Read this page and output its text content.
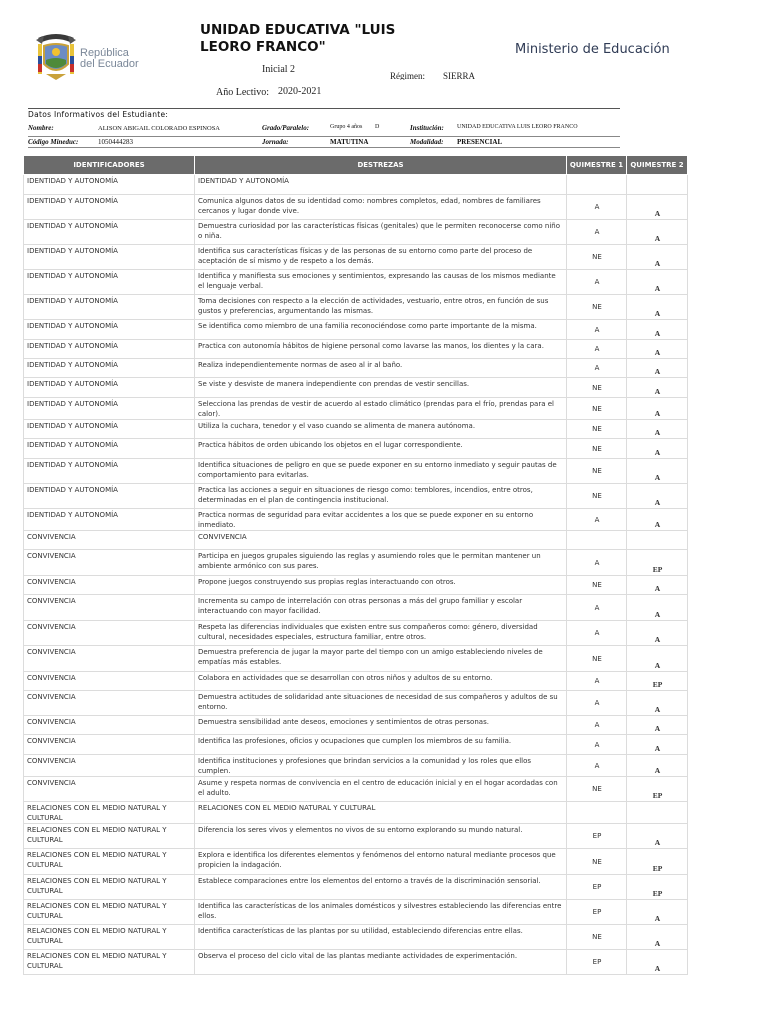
República
del Ecuador
UNIDAD EDUCATIVA "LUIS LEORO FRANCO"	Ministerio de Educación
Inicial 2
Régimen: SIERRA
Año Lectivo: 2020-2021
Datos Informativos del Estudiante:
Nombre:	ALISON ABIGAIL COLORADO ESPINOSA	Grado/Paralelo:	Grupo 4 años D	Institución: UNIDAD EDUCATIVA LUIS LEORO FRANCO
Código Mineduc:	1050444283	Jornada:	MATUTINA	Modalidad: PRESENCIAL
IDENTIFICADORES	DESTREZAS	QUIMESTRE 1	QUIMESTRE 2
IDENTIDAD Y AUTONOMÍA	IDENTIDAD Y AUTONOMÍA		
IDENTIDAD Y AUTONOMÍA	Comunica algunos datos de su identidad como: nombres completos, edad, nombres de familiares cercanos y lugar donde vive.	A	A
IDENTIDAD Y AUTONOMÍA	Demuestra curiosidad por las características físicas (genitales) que le permiten reconocerse como niño o niña.	A	A
IDENTIDAD Y AUTONOMÍA	Identifica sus características físicas y de las personas de su entorno como parte del proceso de aceptación de sí mismo y de respeto a los demás.	NE	A
IDENTIDAD Y AUTONOMÍA	Identifica y manifiesta sus emociones y sentimientos, expresando las causas de los mismos mediante el lenguaje verbal.	A	A
IDENTIDAD Y AUTONOMÍA	Toma decisiones con respecto a la elección de actividades, vestuario, entre otros, en función de sus gustos y preferencias, argumentando las mismas.	NE	A
IDENTIDAD Y AUTONOMÍA	Se identifica como miembro de una familia reconociéndose como parte importante de la misma.	A	A
IDENTIDAD Y AUTONOMÍA	Practica con autonomía hábitos de higiene personal como lavarse las manos, los dientes y la cara.	A	A
IDENTIDAD Y AUTONOMÍA	Realiza independientemente normas de aseo al ir al baño.	A	A
IDENTIDAD Y AUTONOMÍA	Se viste y desviste de manera independiente con prendas de vestir sencillas.	NE	A
IDENTIDAD Y AUTONOMÍA	Selecciona las prendas de vestir de acuerdo al estado climático (prendas para el frío, prendas para el calor).	NE	A
IDENTIDAD Y AUTONOMÍA	Utiliza la cuchara, tenedor y el vaso cuando se alimenta de manera autónoma.	NE	A
IDENTIDAD Y AUTONOMÍA	Practica hábitos de orden ubicando los objetos en el lugar correspondiente.	NE	A
IDENTIDAD Y AUTONOMÍA	Identifica situaciones de peligro en que se puede exponer en su entorno inmediato y seguir pautas de comportamiento para evitarlas.	NE	A
IDENTIDAD Y AUTONOMÍA	Practica las acciones a seguir en situaciones de riesgo como: temblores, incendios, entre otros, determinadas en el plan de contingencia institucional.	NE	A
IDENTIDAD Y AUTONOMÍA	Practica normas de seguridad para evitar accidentes a los que se puede exponer en su entorno inmediato.	A	A
CONVIVENCIA	CONVIVENCIA		
CONVIVENCIA	Participa en juegos grupales siguiendo las reglas y asumiendo roles que le permitan mantener un ambiente armónico con sus pares.	A	EP
CONVIVENCIA	Propone juegos construyendo sus propias reglas interactuando con otros.	NE	A
CONVIVENCIA	Incrementa su campo de interrelación con otras personas a más del grupo familiar y escolar interactuando con mayor facilidad.	A	A
CONVIVENCIA	Respeta las diferencias individuales que existen entre sus compañeros como: género, diversidad cultural, necesidades especiales, estructura familiar, entre otros.	A	A
CONVIVENCIA	Demuestra preferencia de jugar la mayor parte del tiempo con un amigo estableciendo niveles de empatías más estables.	NE	A
CONVIVENCIA	Colabora en actividades que se desarrollan con otros niños y adultos de su entorno.	A	EP
CONVIVENCIA	Demuestra actitudes de solidaridad ante situaciones de necesidad de sus compañeros y adultos de su entorno.	A	A
CONVIVENCIA	Demuestra sensibilidad ante deseos, emociones y sentimientos de otras personas.	A	A
CONVIVENCIA	Identifica las profesiones, oficios y ocupaciones que cumplen los miembros de su familia.	A	A
CONVIVENCIA	Identifica instituciones y profesiones que brindan servicios a la comunidad y los roles que ellos cumplen.	A	A
CONVIVENCIA	Asume y respeta normas de convivencia en el centro de educación inicial y en el hogar acordadas con el adulto.	NE	EP
RELACIONES CON EL MEDIO NATURAL Y CULTURAL	RELACIONES CON EL MEDIO NATURAL Y CULTURAL		
RELACIONES CON EL MEDIO NATURAL Y CULTURAL	Diferencia los seres vivos y elementos no vivos de su entorno explorando su mundo natural.	EP	A
RELACIONES CON EL MEDIO NATURAL Y CULTURAL	Explora e identifica los diferentes elementos y fenómenos del entorno natural mediante procesos que propicien la indagación.	NE	EP
RELACIONES CON EL MEDIO NATURAL Y CULTURAL	Establece comparaciones entre los elementos del entorno a través de la discriminación sensorial.	EP	EP
RELACIONES CON EL MEDIO NATURAL Y CULTURAL	Identifica las características de los animales domésticos y silvestres estableciendo las diferencias entre ellos.	EP	A
RELACIONES CON EL MEDIO NATURAL Y CULTURAL	Identifica características de las plantas por su utilidad, estableciendo diferencias entre ellas.	NE	A
RELACIONES CON EL MEDIO NATURAL Y CULTURAL	Observa el proceso del ciclo vital de las plantas mediante actividades de experimentación.	EP	A
